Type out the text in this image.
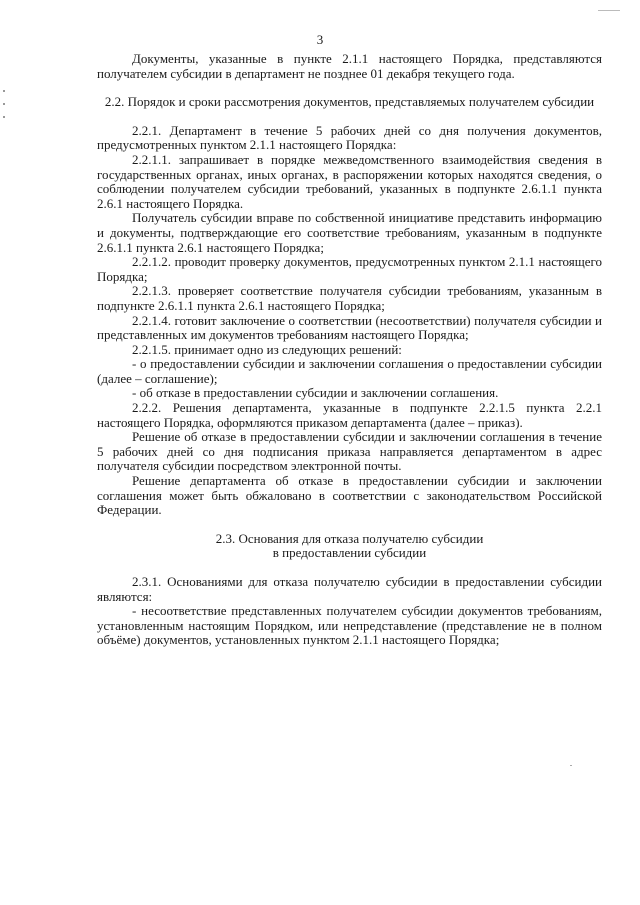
3

Документы, указанные в пункте 2.1.1 настоящего Порядка, представляются получателем субсидии в департамент не позднее 01 декабря текущего года.

2.2. Порядок и сроки рассмотрения документов, представляемых получателем субсидии

2.2.1. Департамент в течение 5 рабочих дней со дня получения документов, предусмотренных пунктом 2.1.1 настоящего Порядка:

2.2.1.1. запрашивает в порядке межведомственного взаимодействия сведения в государственных органах, иных органах, в распоряжении которых находятся сведения, о соблюдении получателем субсидии требований, указанных в подпункте 2.6.1.1 пункта 2.6.1 настоящего Порядка.

Получатель субсидии вправе по собственной инициативе представить информацию и документы, подтверждающие его соответствие требованиям, указанным в подпункте 2.6.1.1 пункта 2.6.1 настоящего Порядка;

2.2.1.2. проводит проверку документов, предусмотренных пунктом 2.1.1 настоящего Порядка;

2.2.1.3. проверяет соответствие получателя субсидии требованиям, указанным в подпункте 2.6.1.1 пункта 2.6.1 настоящего Порядка;

2.2.1.4. готовит заключение о соответствии (несоответствии) получателя субсидии и представленных им документов требованиям настоящего Порядка;

2.2.1.5. принимает одно из следующих решений:

- о предоставлении субсидии и заключении соглашения о предоставлении субсидии (далее – соглашение);

- об отказе в предоставлении субсидии и заключении соглашения.

2.2.2. Решения департамента, указанные в подпункте 2.2.1.5 пункта 2.2.1 настоящего Порядка, оформляются приказом департамента (далее – приказ).

Решение об отказе в предоставлении субсидии и заключении соглашения в течение 5 рабочих дней со дня подписания приказа направляется департаментом в адрес получателя субсидии посредством электронной почты.

Решение департамента об отказе в предоставлении субсидии и заключении соглашения может быть обжаловано в соответствии с законодательством Российской Федерации.

2.3. Основания для отказа получателю субсидии
в предоставлении субсидии

2.3.1. Основаниями для отказа получателю субсидии в предоставлении субсидии являются:

- несоответствие представленных получателем субсидии документов требованиям, установленным настоящим Порядком, или непредставление (представление не в полном объёме) документов, установленных пунктом 2.1.1 настоящего Порядка;
